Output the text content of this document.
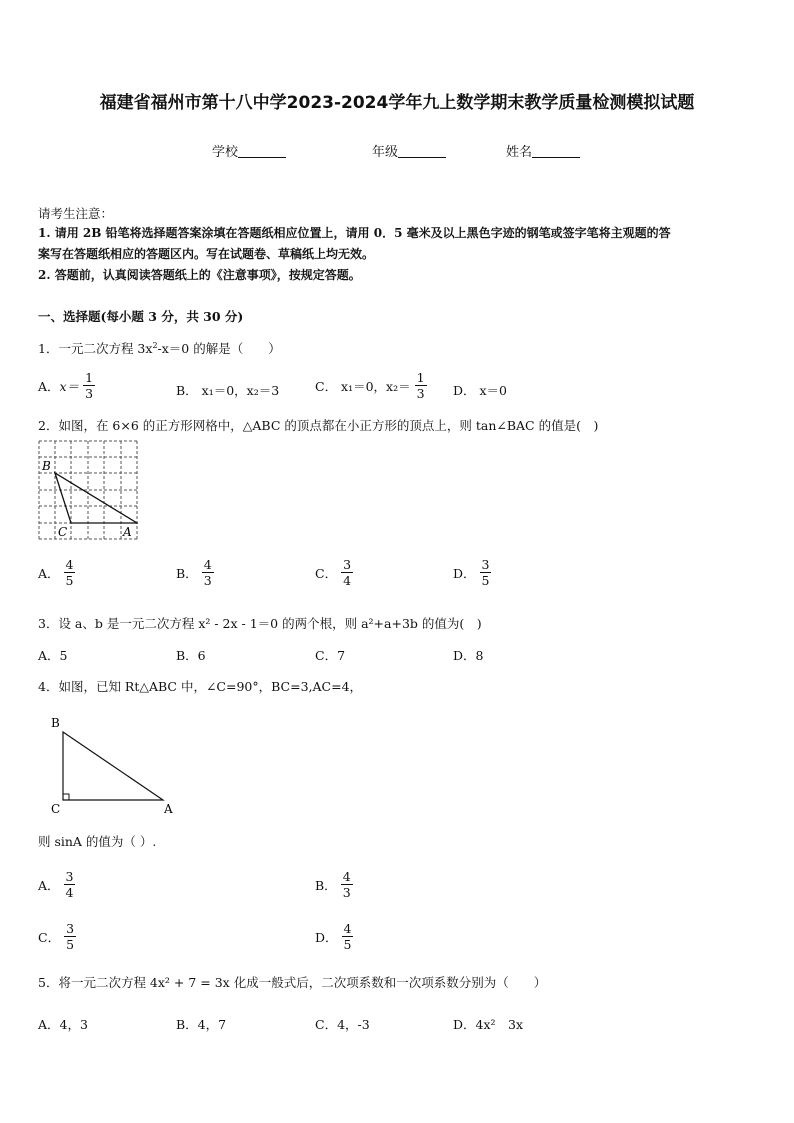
福建省福州市第十八中学2023-2024学年九上数学期末教学质量检测模拟试题
学校	年级	姓名
请考生注意：
1. 请用 2B 铅笔将选择题答案涂填在答题纸相应位置上，请用 0．5 毫米及以上黑色字迹的钢笔或签字笔将主观题的答
案写在答题纸相应的答题区内。写在试题卷、草稿纸上均无效。
2. 答题前，认真阅读答题纸上的《注意事项》，按规定答题。
一、选择题(每小题 3 分，共 30 分)
1．一元二次方程 $3x^2-x=0$ 的解是（　　）
A． $x= \frac{1}{3}$	B． x₁＝0，x₂＝3	C． x₁＝0，$x_2= \frac{1}{3}$ D． x＝0
2．如图，在 6×6 的正方形网格中，△ABC 的顶点都在小正方形的顶点上，则 tan∠BAC 的值是(　)
B
C	A
A． $\frac{4}{5}$	B． $\frac{4}{3}$	C． $\frac{3}{4}$	D． $\frac{3}{5}$
3．设 a、b 是一元二次方程 x² - 2x - 1＝0 的两个根，则 a²+a+3b 的值为(　)
A．5	B．6	C．7	D．8
4．如图，已知 Rt△ABC 中，∠C=90°，BC=3,AC=4，
B
C	A
则 sinA 的值为（ ）.
A． $\frac{3}{4}$	B． $\frac{4}{3}$
C． $\frac{3}{5}$	D． $\frac{4}{5}$
5．将一元二次方程 4x² + 7 = 3x 化成一般式后，二次项系数和一次项系数分别为（　　）
A．4，3	B．4，7	C．4，-3	D．4x²　3x
